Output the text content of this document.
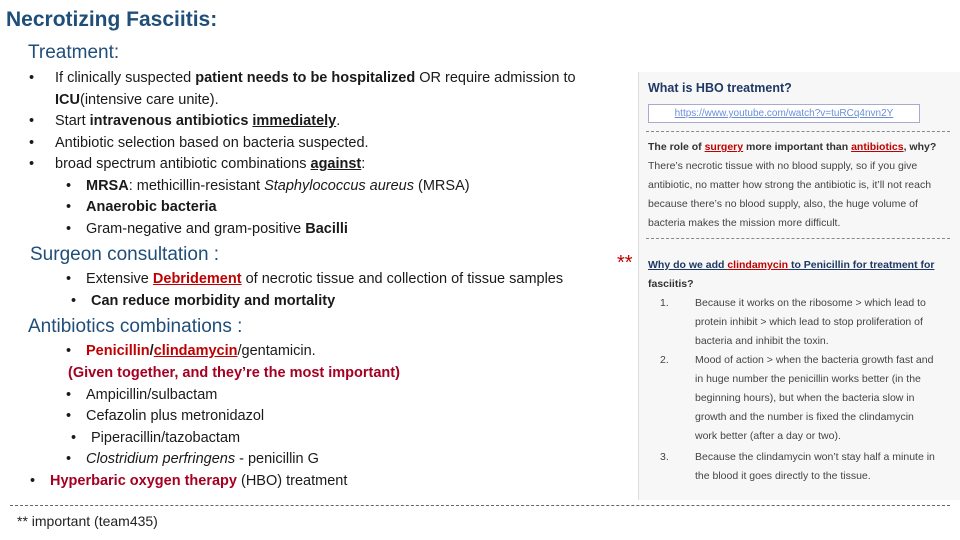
Necrotizing Fasciitis:
Treatment:
• If clinically suspected patient needs to be hospitalized OR require admission to
ICU(intensive care unite).
• Start intravenous antibiotics immediately.
• Antibiotic selection based on bacteria suspected.
• broad spectrum antibiotic combinations against:
• MRSA: methicillin-resistant Staphylococcus aureus (MRSA)
• Anaerobic bacteria
• Gram-negative and gram-positive Bacilli
Surgeon consultation :
• Extensive Debridement of necrotic tissue and collection of tissue samples
**
• Can reduce morbidity and mortality
Antibiotics combinations :
• Penicillin/clindamycin/gentamicin.
(Given together, and they’re the most important)
• Ampicillin/sulbactam
• Cefazolin plus metronidazol
• Piperacillin/tazobactam
• Clostridium perfringens - penicillin G
• Hyperbaric oxygen therapy (HBO) treatment
** important (team435)
What is HBO treatment?
https://www.youtube.com/watch?v=tuRCq4nvn2Y
The role of surgery more important than antibiotics, why?
There’s necrotic tissue with no blood supply, so if you give
antibiotic, no matter how strong the antibiotic is, it’ll not reach
because there’s no blood supply, also, the huge volume of
bacteria makes the mission more difficult.
Why do we add clindamycin to Penicillin for treatment for
fasciitis?
1. Because it works on the ribosome > which lead to
protein inhibit > which lead to stop proliferation of
bacteria and inhibit the toxin.
2. Mood of action > when the bacteria growth fast and
in huge number the penicillin works better (in the
beginning hours), but when the bacteria slow in
growth and the number is fixed the clindamycin
work better (after a day or two).
3. Because the clindamycin won’t stay half a minute in
the blood it goes directly to the tissue.
